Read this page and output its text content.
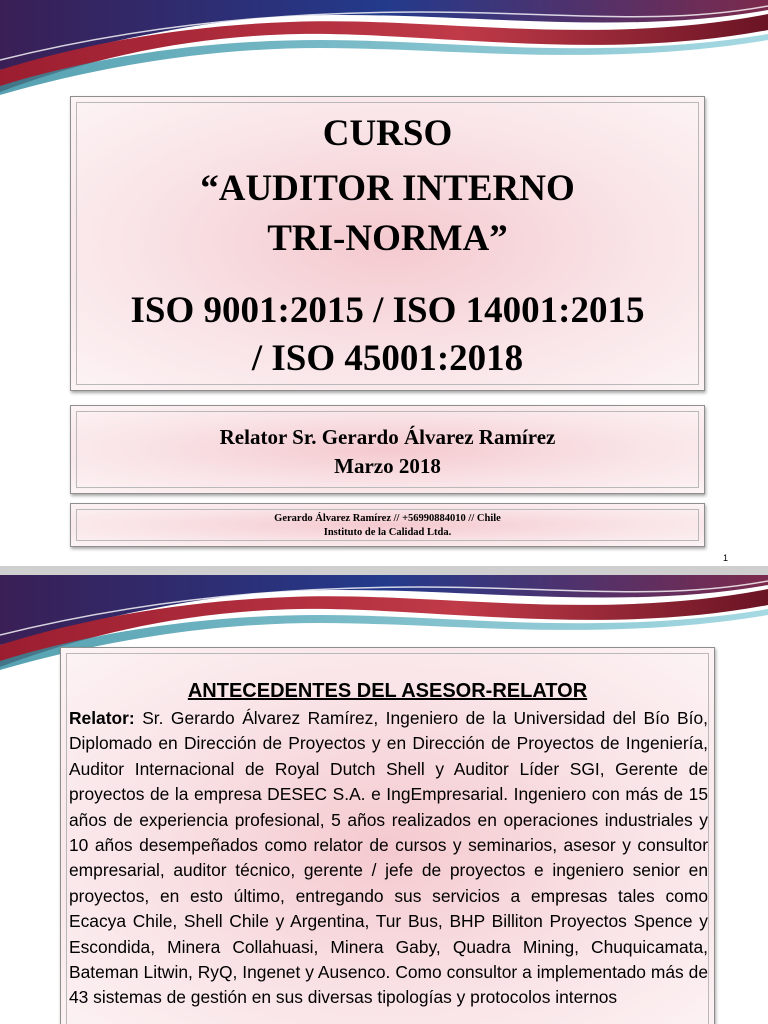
CURSO
“AUDITOR INTERNO
TRI-NORMA”
ISO 9001:2015 / ISO 14001:2015
/ ISO 45001:2018
Relator Sr. Gerardo Álvarez Ramírez
Marzo 2018
Gerardo Álvarez Ramírez // +56990884010 // Chile
Instituto de la Calidad Ltda.
1
ANTECEDENTES DEL ASESOR-RELATOR
Relator: Sr. Gerardo Álvarez Ramírez, Ingeniero de la Universidad del Bío Bío, Diplomado en Dirección de Proyectos y en Dirección de Proyectos de Ingeniería, Auditor Internacional de Royal Dutch Shell y Auditor Líder SGI, Gerente de proyectos de la empresa DESEC S.A. e IngEmpresarial. Ingeniero con más de 15 años de experiencia profesional, 5 años realizados en operaciones industriales y 10 años desempeñados como relator de cursos y seminarios, asesor y consultor empresarial, auditor técnico, gerente / jefe de proyectos e ingeniero senior en proyectos, en esto último, entregando sus servicios a empresas tales como Ecacya Chile, Shell Chile y Argentina, Tur Bus, BHP Billiton Proyectos Spence y Escondida, Minera Collahuasi, Minera Gaby, Quadra Mining, Chuquicamata, Bateman Litwin, RyQ, Ingenet y Ausenco. Como consultor a implementado más de 43 sistemas de gestión en sus diversas tipologías y protocolos internos
